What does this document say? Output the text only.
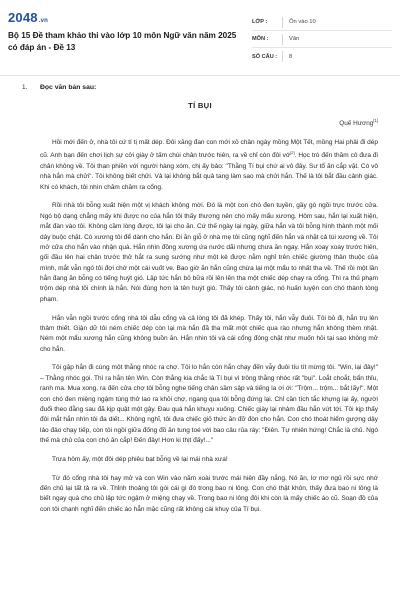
2048.vn
Bộ 15 Đề tham khảo thi vào lớp 10 môn Ngữ văn năm 2025 có đáp án - Đề 13
LỚP :	Ôn vào 10
MÔN :	Văn
SỐ CÂU :	8
1. Đọc văn bản sau:
TÍ BỤI
Quế Hương[1]

Hồi mới đến ở, nhà tôi cứ tí tị mất dép. Đôi xăng đan con mới xỏ chân ngày mồng Một Tết, mồng Hai phải đi dép cũ. Anh bạn đến chơi lịch sự cởi giày ở tấm chùi chân trước hiên, ra về chỉ còn đôi vớ[2]. Học trò đến thăm cô đưa đi chân không về. Tôi than phiền với người hàng xóm, chị ấy bảo: "Thằng Tí bụi chứ ai vô đây. Sư tổ ăn cắp vặt. Có vô nhà hắn mà chửi". Tôi không biết chửi. Vả lại không bắt quả tang làm sao mà chửi hắn. Thế là tôi bắt đầu cảnh giác. Khi có khách, tôi nhìn chăm chăm ra cổng.

Rồi nhà tôi bỗng xuất hiện một vị khách không mời. Đó là một con chó đen tuyền, gầy gò ngồi trực trước cửa. Ngó bộ dạng chẳng mấy khi được no của hắn tôi thấy thương nên cho mấy mẩu xương. Hôm sau, hắn lại xuất hiện, mắt đàn vào tôi. Không cầm lòng được, tôi lại cho ăn. Cứ thế ngày lại ngày, giữa hắn và tôi bỗng hình thành một mối dây buộc chặt. Có xương tôi để dành cho hắn. Đi ăn giỗ ở nhà mẹ tôi cũng nghĩ đến hắn và nhặt cả túi xương về. Tôi mở cửa cho hắn vào nhận quà. Hắn nhìn đồng xương ứa nước dãi nhưng chưa ăn ngay. Hắn xoay xoay trước hiên, gối đầu lên hai chân trước thở hắt ra sung sướng như một kẻ được nằm nghỉ trên chiếc giường thân thuộc của mình, mắt vẫn ngó tôi đợi chờ một cái vuốt ve. Bao giờ ăn hắn cũng chừa lại một mẩu to nhất tha về. Thế rồi một lần hắn đang ăn bỗng có tiếng huýt gió. Lập tức hắn bỏ bữa rồi lên lên tha một chiếc dép chạy ra cổng. Thì ra thủ phạm trộm dép nhà tôi chính là hắn. Nói đúng hơn là tên huýt gió. Thấy tôi cảnh giác, nó huấn luyện con chó thành tòng phạm.

Hắn vẫn ngồi trước cổng nhà tôi dẫu cổng và cả lòng tôi đã khép. Thấy tôi, hắn vẫy đuôi. Tôi bỏ đi, hắn trụ lên thảm thiết. Giận dữ tôi ném chiếc dép còn lại mà hắn đã tha mất một chiếc qua rào nhưng hắn không thèm nhặt. Ném một mẩu xương hắn cũng không buồn ăn. Hắn nhìn tôi và cái cổng đóng chặt như muốn hỏi tại sao không mở cho hắn.

Tôi gặp hắn đi cùng một thằng nhóc ra chợ. Tôi lo hắn còn hắn chạy đến vẫy đuôi tíu tít mừng tôi. "Win, lại đây!" – Thằng nhóc gọi. Thì ra hắn tên Win. Còn thằng kia chắc là Tí bụi vì trông thằng nhóc rất "bụi". Loắt choắt, bẩn thỉu, ranh ma. Mua xong, ra đến cửa chợ tôi bỗng nghe tiếng chân sầm sập và tiếng la ơi ới: "Trộm... trộm... bắt lấy!". Một con chó đen miệng ngậm túng thở lao ra khỏi chợ, ngang qua tôi bỗng đứng lại. Chỉ cần tích tắc khựng lại ấy, người đuổi theo đằng sau đã kịp quật một gậy. Đau quá hắn khuỵu xuống. Chiếc giày lại nhảm đầu hắn vứt tới. Tôi kịp thấy đôi mắt hắn nhìn tôi đa diết... Không nghĩ, tôi đưa chiếc giỏ thức ăn đỡ đòn cho hắn. Con chó thoát hiểm gượng dậy lảo đảo chạy tiếp, còn tôi ngồi giữa đống đồ ăn tung toé với bao câu rủa rày: "Điên. Tự nhiên hứng! Chắc là chủ. Ngó thế mà chủ của con chó ăn cắp! Đến đây! Hơn ki thịt đấy!..."

Trưa hôm ấy, một đôi dép phiêu bạt bỗng về lại mái nhà xưa!

Từ đó cổng nhà tôi hay mở và con Win vào năm xoài trước mái hiên đầy nắng. Nó ăn, lơ mơ ngủ rồi sực nhớ đến chủ lại tất tả ra về. Thỉnh thoảng tôi gói cái gì đó trong bao ni lông. Con chó thật khôn, thấy đưa bao ni lông là biết ngay quà cho chủ lập tức ngậm ở miệng chạy về. Trong bao ni lông đôi khi còn là mấy chiếc áo cũ. Soạn đồ của con tôi chạnh nghĩ đến chiếc áo hẳn mặc cũng rất không cài khuy của Tí bụi.
